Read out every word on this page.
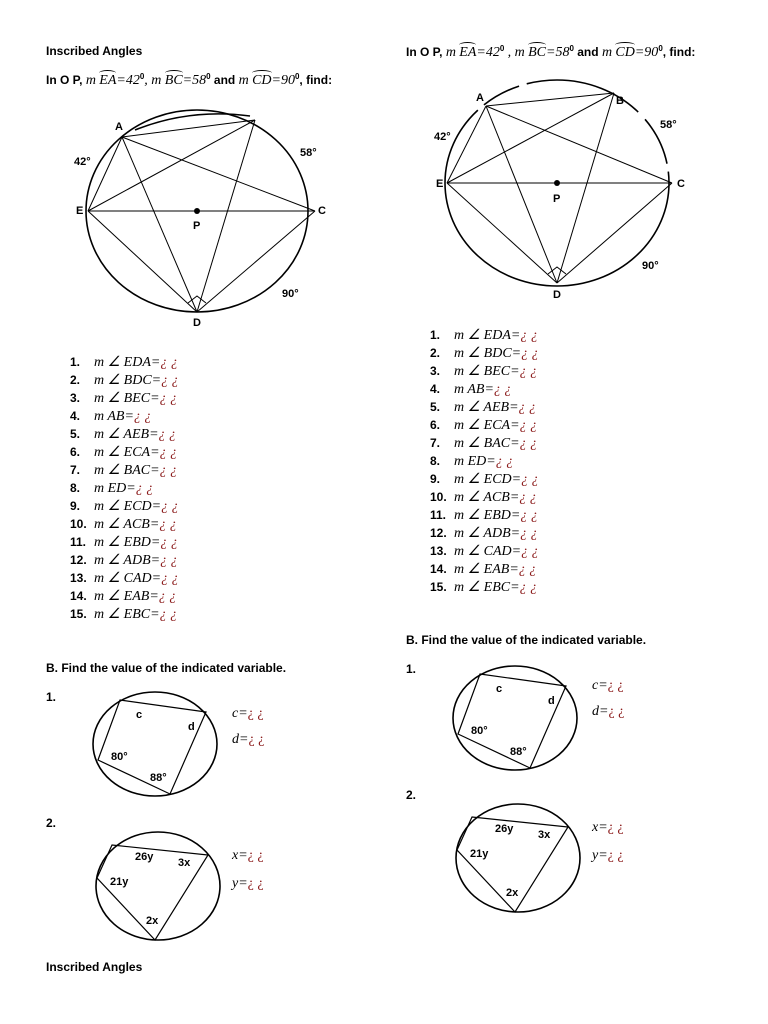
Inscribed Angles
In O P, m $EA=42^0$, m $BC=58^0$ and m $CD=90^0$, find:
A
E	C
D
P
42°
58°
90°
1. m ∠ EDA=¿ ¿
2. m ∠ BDC=¿ ¿
3. m ∠ BEC=¿ ¿
4. m AB=¿ ¿
5. m ∠ AEB=¿ ¿
6. m ∠ ECA=¿ ¿
7. m ∠ BAC=¿ ¿
8. m ED=¿ ¿
9. m ∠ ECD=¿ ¿
10. m ∠ ACB=¿ ¿
11. m ∠ EBD=¿ ¿
12. m ∠ ADB=¿ ¿
13. m ∠ CAD=¿ ¿
14. m ∠ EAB=¿ ¿
15. m ∠ EBC=¿ ¿
B. Find the value of the indicated variable.
1.
c
d
80°
88°
c=¿ ¿
d=¿ ¿
2.
26y 3x
21y
2x
x=¿ ¿
y=¿ ¿
Inscribed Angles
In O P, m $EA=42^0$ , m $BC=58^0$ and m $CD=90^0$, find:
A	B
E	C
D
P
42°
58°
90°
1. m ∠ EDA=¿ ¿
2. m ∠ BDC=¿ ¿
3. m ∠ BEC=¿ ¿
4. m AB=¿ ¿
5. m ∠ AEB=¿ ¿
6. m ∠ ECA=¿ ¿
7. m ∠ BAC=¿ ¿
8. m ED=¿ ¿
9. m ∠ ECD=¿ ¿
10. m ∠ ACB=¿ ¿
11. m ∠ EBD=¿ ¿
12. m ∠ ADB=¿ ¿
13. m ∠ CAD=¿ ¿
14. m ∠ EAB=¿ ¿
15. m ∠ EBC=¿ ¿
B. Find the value of the indicated variable.
1.
c
d
80°
88°
c=¿ ¿
d=¿ ¿
2.
26y 3x
21y
2x
x=¿ ¿
y=¿ ¿
